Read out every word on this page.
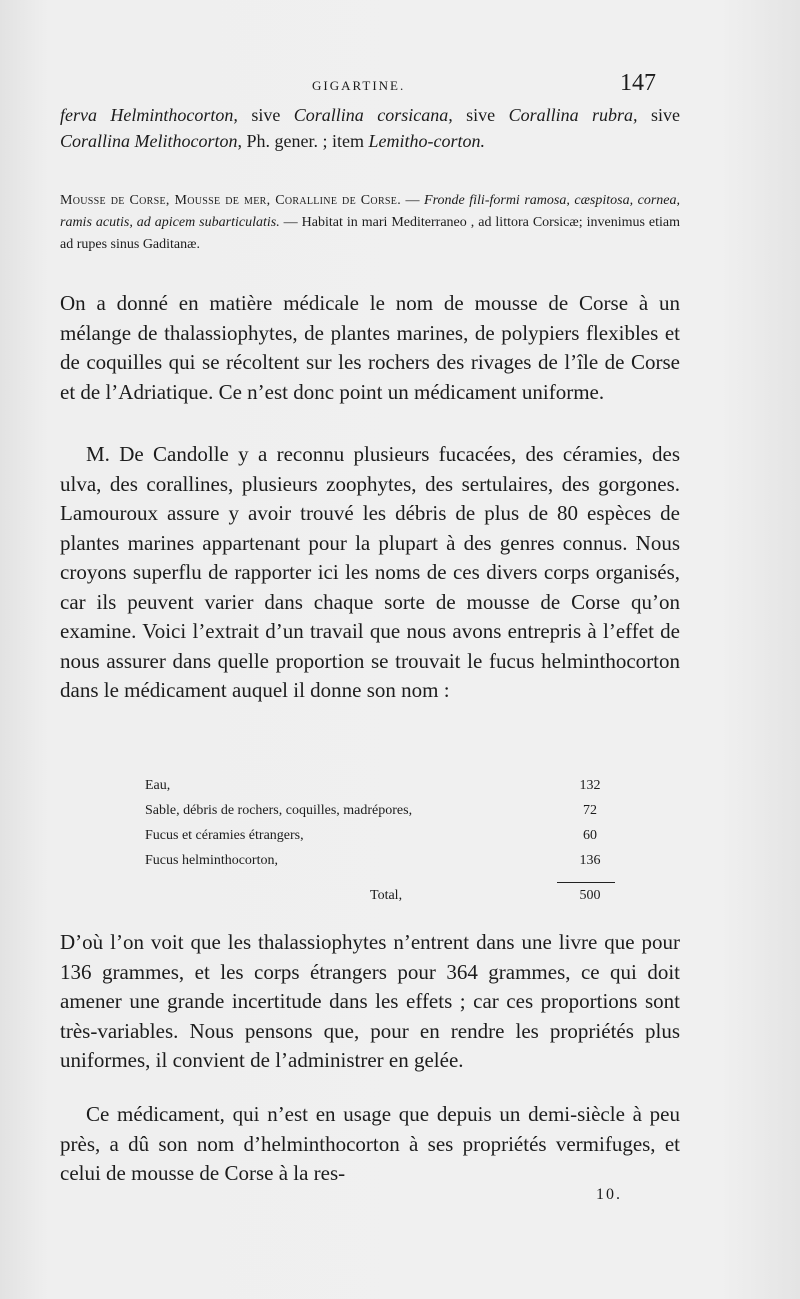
GIGARTINE.	147
ferva Helminthocorton, sive Corallina corsicana, sive Corallina rubra, sive Corallina Melithocorton, Ph. gener. ; item Lemitho-corton.
Mousse de Corse, Mousse de mer, Coralline de Corse. — Fronde fili-formi ramosa, cæspitosa, cornea, ramis acutis, ad apicem subarticulatis. — Habitat in mari Mediterraneo , ad littora Corsicæ; invenimus etiam ad rupes sinus Gaditanæ.
On a donné en matière médicale le nom de mousse de Corse à un mélange de thalassiophytes, de plantes marines, de polypiers flexibles et de coquilles qui se récoltent sur les rochers des rivages de l’île de Corse et de l’Adriatique. Ce n’est donc point un médicament uniforme.
M. De Candolle y a reconnu plusieurs fucacées, des céramies, des ulva, des corallines, plusieurs zoophytes, des sertulaires, des gorgones. Lamouroux assure y avoir trouvé les débris de plus de 80 espèces de plantes marines appartenant pour la plupart à des genres connus. Nous croyons superflu de rapporter ici les noms de ces divers corps organisés, car ils peuvent varier dans chaque sorte de mousse de Corse qu’on examine. Voici l’extrait d’un travail que nous avons entrepris à l’effet de nous assurer dans quelle proportion se trouvait le fucus helminthocorton dans le médicament auquel il donne son nom :
Eau,	132
Sable, débris de rochers, coquilles, madrépores,	72
Fucus et céramies étrangers,	60
Fucus helminthocorton,	136
Total,	500
D’où l’on voit que les thalassiophytes n’entrent dans une livre que pour 136 grammes, et les corps étrangers pour 364 grammes, ce qui doit amener une grande incertitude dans les effets ; car ces proportions sont très-variables. Nous pensons que, pour en rendre les propriétés plus uniformes, il convient de l’administrer en gelée.
Ce médicament, qui n’est en usage que depuis un demi-siècle à peu près, a dû son nom d’helminthocorton à ses propriétés vermifuges, et celui de mousse de Corse à la res-
10.
